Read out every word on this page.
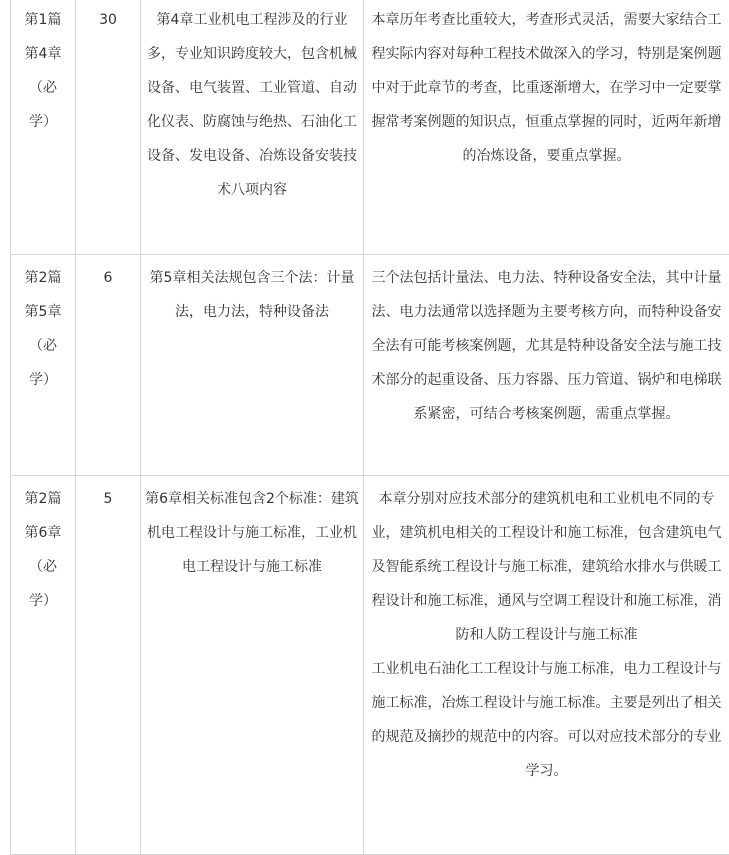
第1篇
第4章
（必
学）	30	第4章工业机电工程涉及的行业多，专业知识跨度较大，包含机械设备、电气装置、工业管道、自动化仪表、防腐蚀与绝热、石油化工设备、发电设备、冶炼设备安装技术八项内容	本章历年考查比重较大，考查形式灵活，需要大家结合工程实际内容对每种工程技术做深入的学习，特别是案例题中对于此章节的考查，比重逐渐增大，在学习中一定要掌握常考案例题的知识点，恒重点掌握的同时，近两年新增的冶炼设备，要重点掌握。

第2篇
第5章
（必
学）	6	第5章相关法规包含三个法：计量法，电力法，特种设备法	三个法包括计量法、电力法、特种设备安全法，其中计量法、电力法通常以选择题为主要考核方向，而特种设备安全法有可能考核案例题，尤其是特种设备安全法与施工技术部分的起重设备、压力容器、压力管道、锅炉和电梯联系紧密，可结合考核案例题，需重点掌握。

第2篇
第6章
（必
学）	5	第6章相关标准包含2个标准：建筑机电工程设计与施工标准，工业机电工程设计与施工标准	本章分别对应技术部分的建筑机电和工业机电不同的专业，建筑机电相关的工程设计和施工标准，包含建筑电气及智能系统工程设计与施工标准，建筑给水排水与供暖工程设计和施工标准，通风与空调工程设计和施工标准，消防和人防工程设计与施工标准
工业机电石油化工工程设计与施工标准，电力工程设计与施工标准，冶炼工程设计与施工标准。主要是列出了相关的规范及摘抄的规范中的内容。可以对应技术部分的专业学习。
